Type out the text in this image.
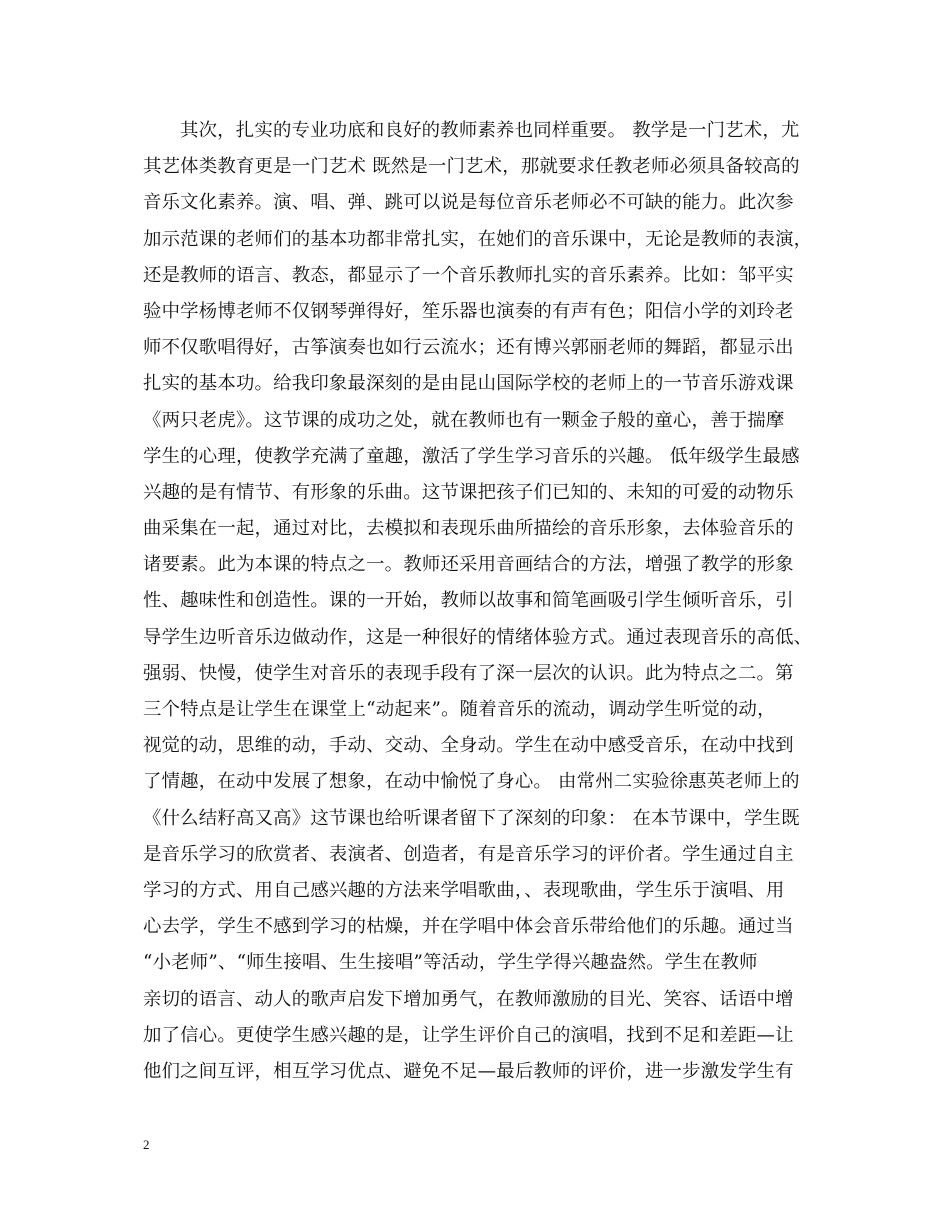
其次，扎实的专业功底和良好的教师素养也同样重要。 教学是一门艺术，尤
其艺体类教育更是一门艺术 既然是一门艺术，那就要求任教老师必须具备较高的
音乐文化素养。演、唱、弹、跳可以说是每位音乐老师必不可缺的能力。此次参
加示范课的老师们的基本功都非常扎实，在她们的音乐课中，无论是教师的表演，
还是教师的语言、教态，都显示了一个音乐教师扎实的音乐素养。比如：邹平实
验中学杨博老师不仅钢琴弹得好，笙乐器也演奏的有声有色；阳信小学的刘玲老
师不仅歌唱得好，古筝演奏也如行云流水；还有博兴郭丽老师的舞蹈，都显示出
扎实的基本功。给我印象最深刻的是由昆山国际学校的老师上的一节音乐游戏课
《两只老虎》。这节课的成功之处，就在教师也有一颗金子般的童心，善于揣摩
学生的心理，使教学充满了童趣，激活了学生学习音乐的兴趣。 低年级学生最感
兴趣的是有情节、有形象的乐曲。这节课把孩子们已知的、未知的可爱的动物乐
曲采集在一起，通过对比，去模拟和表现乐曲所描绘的音乐形象，去体验音乐的
诸要素。此为本课的特点之一。教师还采用音画结合的方法，增强了教学的形象
性、趣味性和创造性。课的一开始，教师以故事和简笔画吸引学生倾听音乐，引
导学生边听音乐边做动作，这是一种很好的情绪体验方式。通过表现音乐的高低、
强弱、快慢，使学生对音乐的表现手段有了深一层次的认识。此为特点之二。第
三个特点是让学生在课堂上“动起来”。随着音乐的流动，调动学生听觉的动，
视觉的动，思维的动，手动、交动、全身动。学生在动中感受音乐，在动中找到
了情趣，在动中发展了想象，在动中愉悦了身心。 由常州二实验徐惠英老师上的
《什么结籽高又高》这节课也给听课者留下了深刻的印象： 在本节课中，学生既
是音乐学习的欣赏者、表演者、创造者，有是音乐学习的评价者。学生通过自主
学习的方式、用自己感兴趣的方法来学唱歌曲，、表现歌曲，学生乐于演唱、用
心去学，学生不感到学习的枯燥，并在学唱中体会音乐带给他们的乐趣。通过当
“小老师”、“师生接唱、生生接唱”等活动，学生学得兴趣盎然。学生在教师
亲切的语言、动人的歌声启发下增加勇气，在教师激励的目光、笑容、话语中增
加了信心。更使学生感兴趣的是，让学生评价自己的演唱，找到不足和差距—让
他们之间互评，相互学习优点、避免不足—最后教师的评价，进一步激发学生有
2
